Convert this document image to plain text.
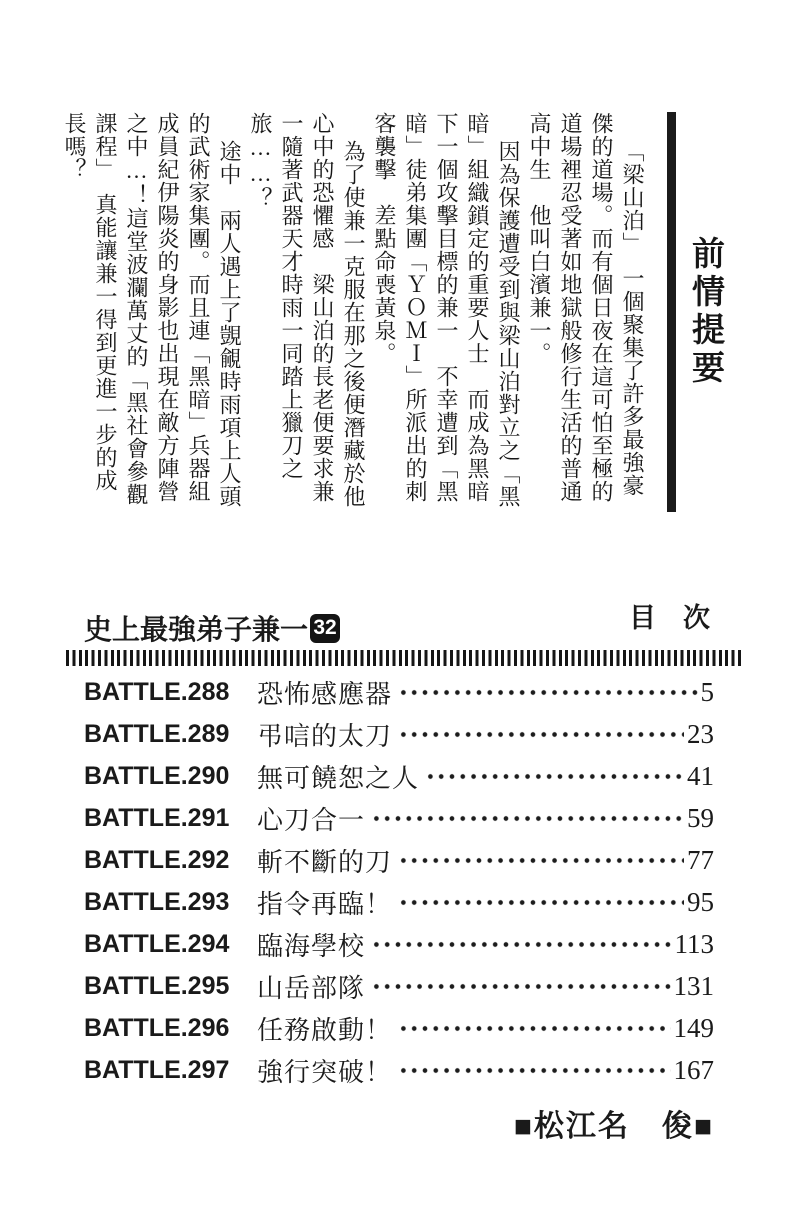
前情提要

「梁山泊」　一個聚集了許多最強豪傑的道場。而有個日夜在這可怕至極的道場裡忍受著如地獄般修行生活的普通高中生　他叫白濱兼一。

因為保護遭受到與梁山泊對立之「黑暗」組織鎖定的重要人士　而成為黑暗下一個攻擊目標的兼一　不幸遭到「黑暗」徒弟集團「ＹＯＭＩ」所派出的刺客襲擊　差點命喪黃泉。

為了使兼一克服在那之後便潛藏於他心中的恐懼感　梁山泊的長老便要求兼一隨著武器天才時雨一同踏上獵刀之旅……？

途中　兩人遇上了覬覦時雨項上人頭的武術家集團。而且連「黑暗」兵器組成員紀伊陽炎的身影也出現在敵方陣營之中…！這堂波瀾萬丈的「黑社會參觀課程」　真能讓兼一得到更進一步的成長嗎？

史上最強弟子兼一 32	目　次
BATTLE.288	恐怖感應器	5
BATTLE.289	弔唁的太刀	23
BATTLE.290	無可饒恕之人	41
BATTLE.291	心刀合一	59
BATTLE.292	斬不斷的刀	77
BATTLE.293	指令再臨！	95
BATTLE.294	臨海學校	113
BATTLE.295	山岳部隊	131
BATTLE.296	任務啟動！	149
BATTLE.297	強行突破！	167
■松江名　俊■
